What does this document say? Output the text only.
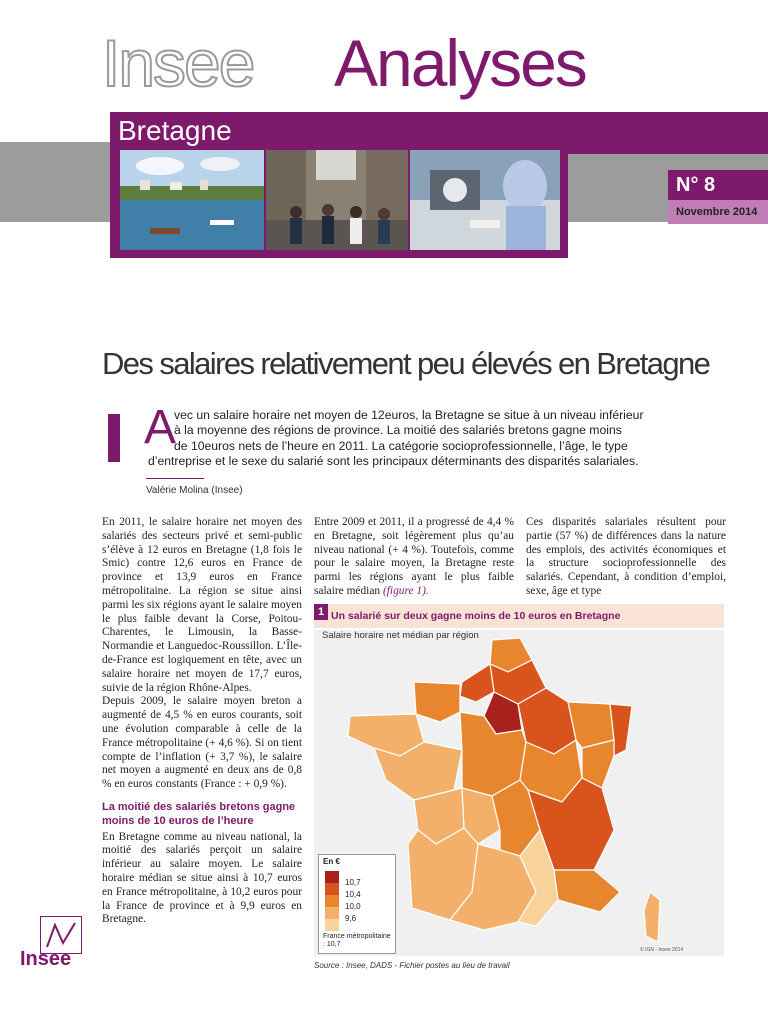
Insee Analyses
Bretagne
N° 8
Novembre 2014
Des salaires relativement peu élevés en Bretagne
A
vec un salaire horaire net moyen de 12euros, la Bretagne se situe à un niveau inférieur
à la moyenne des régions de province. La moitié des salariés bretons gagne moins
de 10euros nets de l’heure en 2011. La catégorie socioprofessionnelle, l’âge, le type
d’entreprise et le sexe du salarié sont les principaux déterminants des disparités salariales.
Valérie Molina (Insee)
En 2011, le salaire horaire net moyen des salariés des secteurs privé et semi-public s’élève à 12 euros en Bretagne (1,8 fois le Smic) contre 12,6 euros en France de province et 13,9 euros en France métropolitaine. La région se situe ainsi parmi les six régions ayant le salaire moyen le plus faible devant la Corse, Poitou-Charentes, le Limousin, la Basse-Normandie et Languedoc-Roussillon. L’Île-de-France est logiquement en tête, avec un salaire horaire net moyen de 17,7 euros, suivie de la région Rhône-Alpes.
Depuis 2009, le salaire moyen breton a augmenté de 4,5 % en euros courants, soit une évolution comparable à celle de la France métropolitaine (+ 4,6 %). Si on tient compte de l’inflation (+ 3,7 %), le salaire net moyen a augmenté en deux ans de 0,8 % en euros constants (France : + 0,9 %).
La moitié des salariés bretons gagne moins de 10 euros de l’heure
En Bretagne comme au niveau national, la moitié des salariés perçoit un salaire inférieur au salaire moyen. Le salaire horaire médian se situe ainsi à 10,7 euros en France métropolitaine, à 10,2 euros pour la France de province et à 9,9 euros en Bretagne.
Entre 2009 et 2011, il a progressé de 4,4 % en Bretagne, soit légèrement plus qu’au niveau national (+ 4 %). Toutefois, comme pour le salaire moyen, la Bretagne reste parmi les régions ayant le plus faible salaire médian (figure 1).
Ces disparités salariales résultent pour partie (57 %) de différences dans la nature des emplois, des activités économiques et la structure socioprofessionnelle des salariés. Cependant, à condition d’emploi, sexe, âge et type
1 Un salarié sur deux gagne moins de 10 euros en Bretagne
Salaire horaire net médian par région
En €
10,7
10,4
10,0
9,6
France métropolitaine : 10,7
© IGN - Insee 2014
Source : Insee, DADS - Fichier postes au lieu de travail
Insee
